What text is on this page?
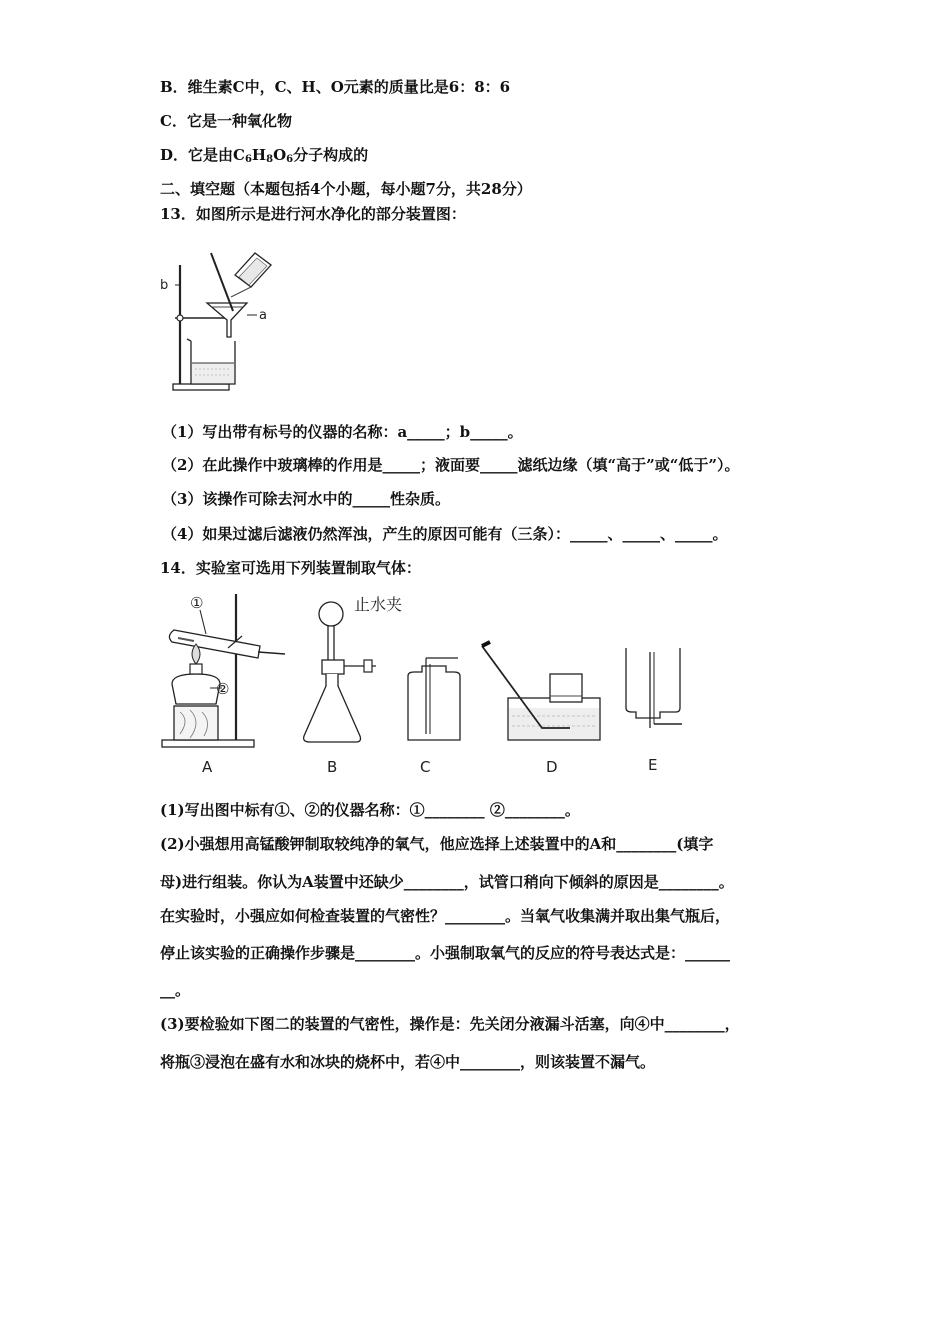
B．维生素C中，C、H、O元素的质量比是6：8：6
C．它是一种氧化物
D．它是由$C_6H_8O_6$分子构成的
二、填空题（本题包括4个小题，每小题7分，共28分）
13．如图所示是进行河水净化的部分装置图：
b
a
（1）写出带有标号的仪器的名称：a_____；b_____。
（2）在此操作中玻璃棒的作用是_____；液面要_____滤纸边缘（填“高于”或“低于”）。
（3）该操作可除去河水中的_____性杂质。
（4）如果过滤后滤液仍然浑浊，产生的原因可能有（三条）：_____、_____、_____。
14．实验室可选用下列装置制取气体：
①
②
A
止水夹
B	C	D	E
(1)写出图中标有①、②的仪器名称：①________ ②________。
(2)小强想用高锰酸钾制取较纯净的氧气，他应选择上述装置中的A和________(填字
母)进行组装。你认为A装置中还缺少________，试管口稍向下倾斜的原因是________。
在实验时，小强应如何检查装置的气密性？________。当氧气收集满并取出集气瓶后，
停止该实验的正确操作步骤是________。小强制取氧气的反应的符号表达式是：______
__。
(3)要检验如下图二的装置的气密性，操作是：先关闭分液漏斗活塞，向④中________，
将瓶③浸泡在盛有水和冰块的烧杯中，若④中________，则该装置不漏气。
